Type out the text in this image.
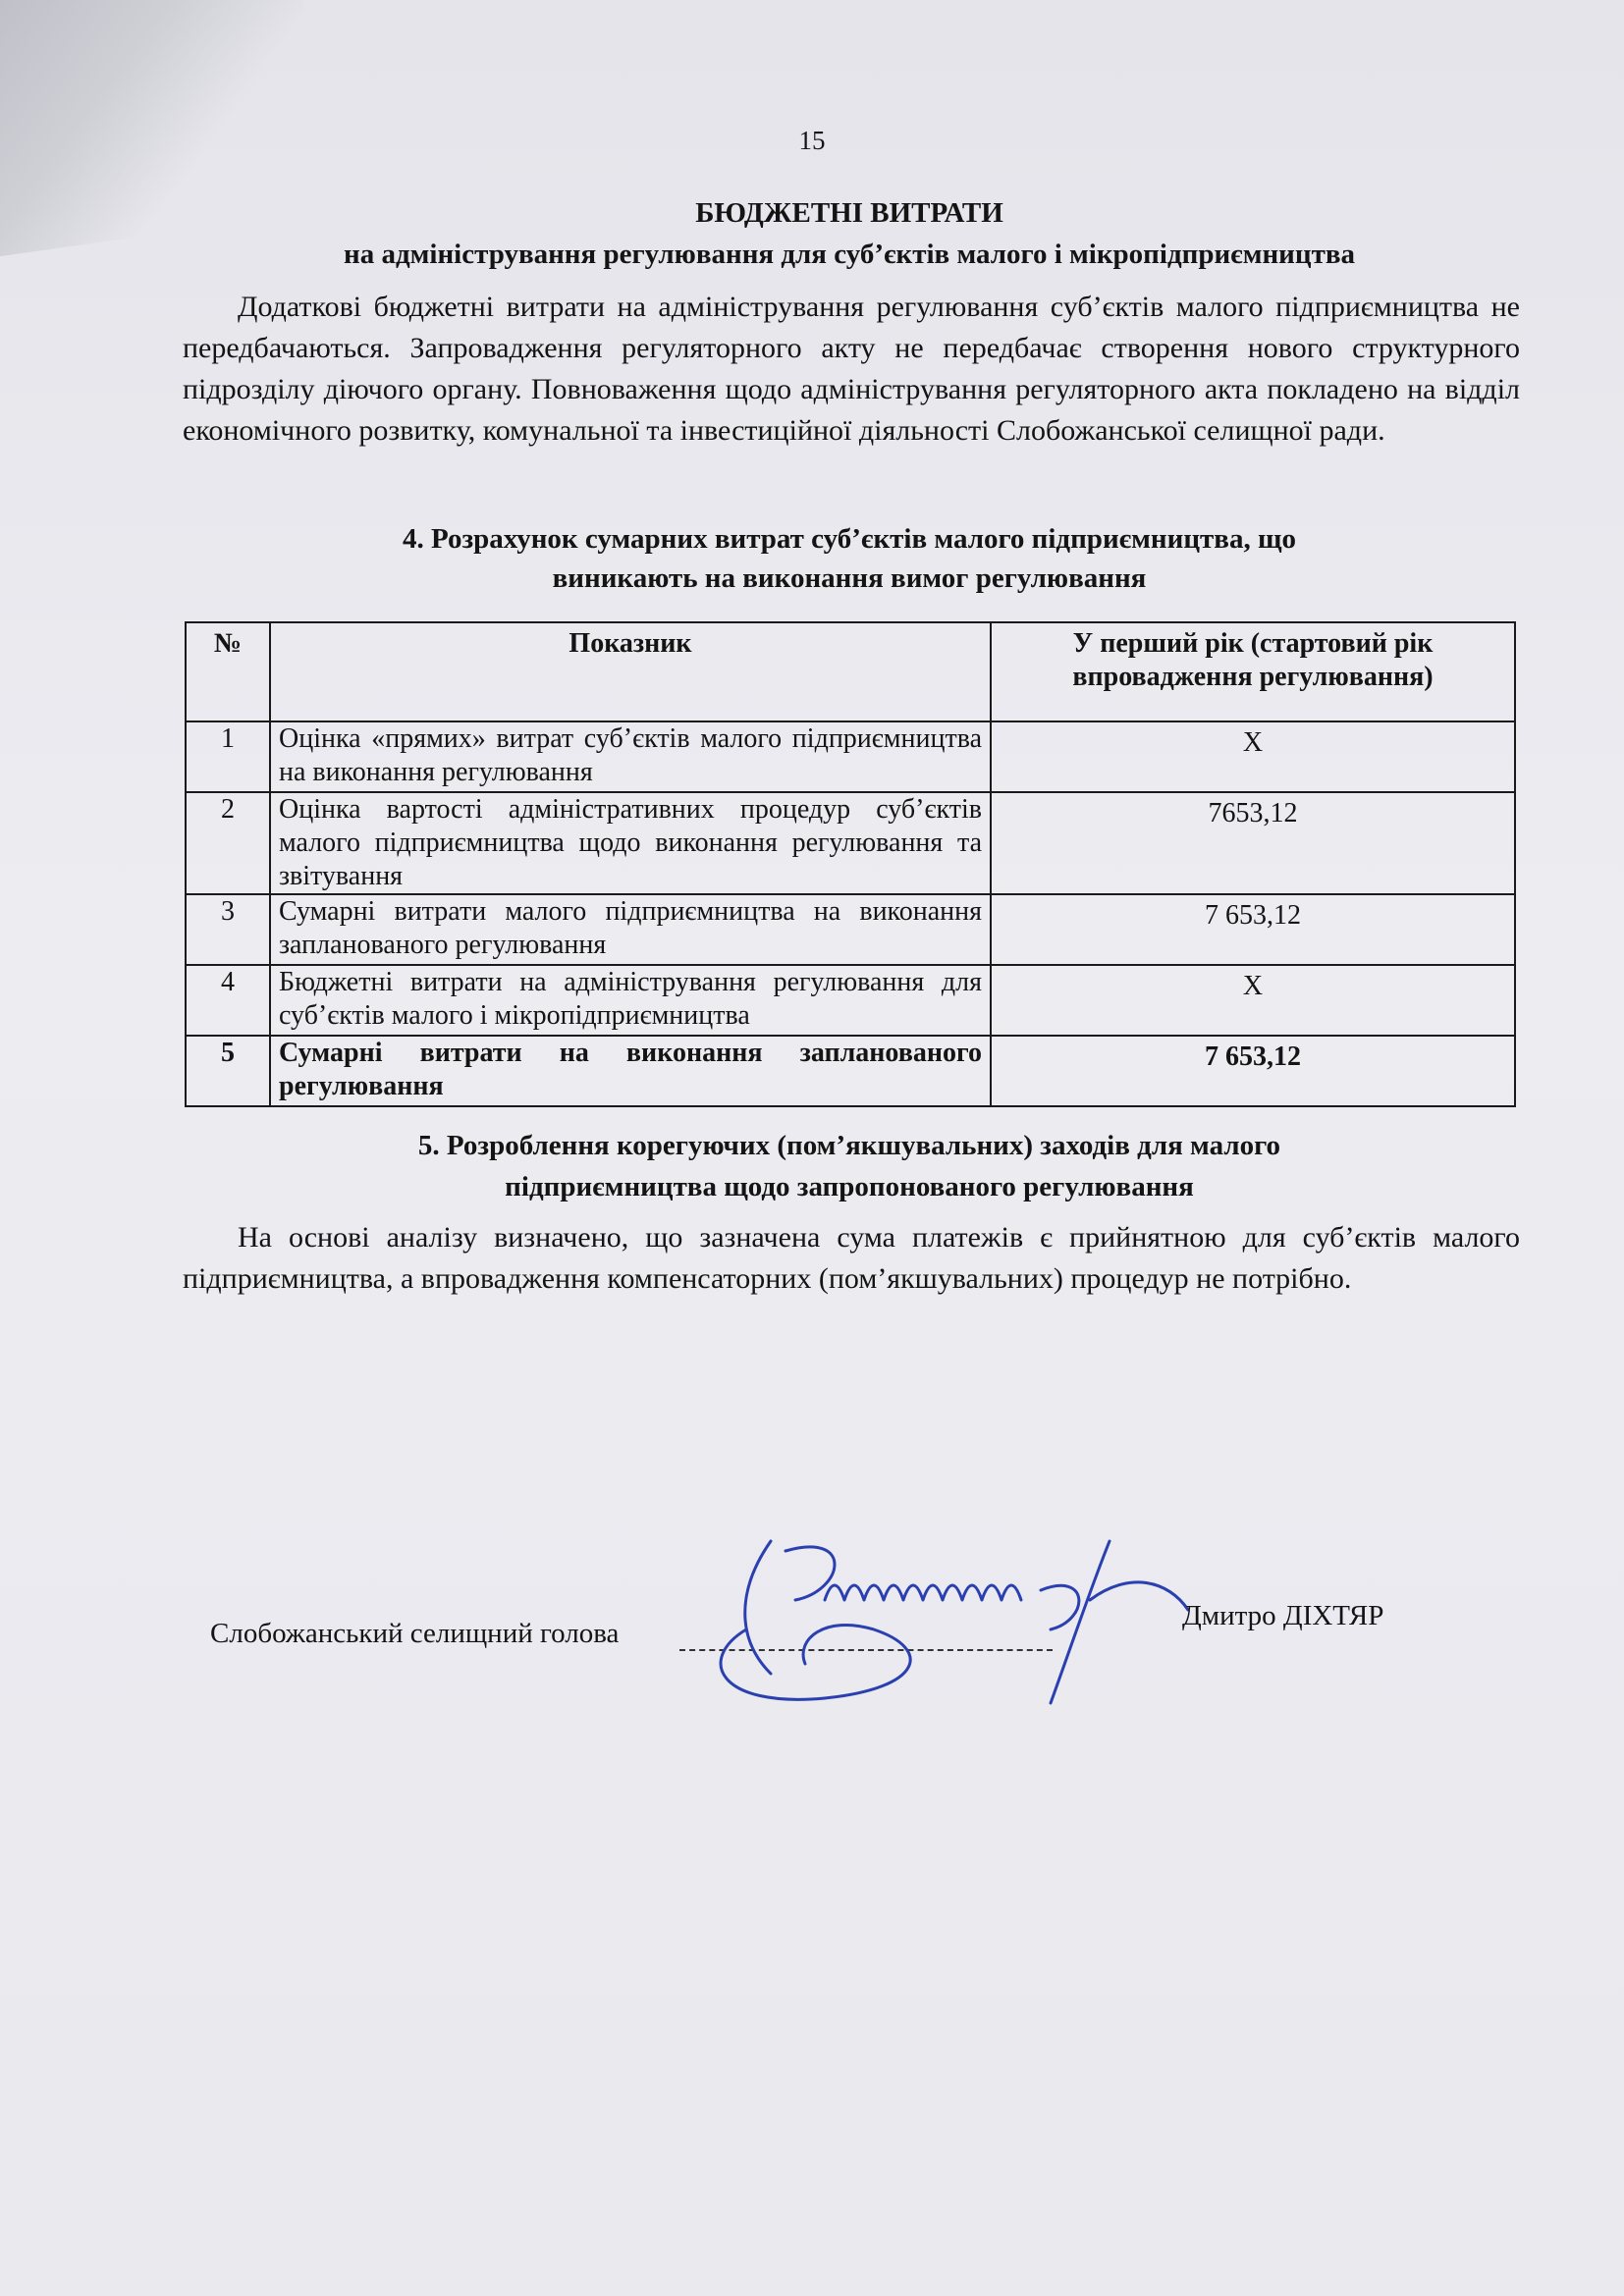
15
БЮДЖЕТНІ ВИТРАТИ
на адміністрування регулювання для суб’єктів малого і мікропідприємництва
Додаткові бюджетні витрати на адміністрування регулювання суб’єктів малого підприємництва не передбачаються. Запровадження регуляторного акту не передбачає створення нового структурного підрозділу діючого органу. Повноваження щодо адміністрування регуляторного акта покладено на відділ економічного розвитку, комунальної та інвестиційної діяльності Слобожанської селищної ради.
4. Розрахунок сумарних витрат суб’єктів малого підприємництва, що
виникають на виконання вимог регулювання
№	Показник	У перший рік (стартовий рік впровадження регулювання)
1	Оцінка «прямих» витрат суб’єктів малого підприємництва на виконання регулювання	Х
2	Оцінка вартості адміністративних процедур суб’єктів малого підприємництва щодо виконання регулювання та звітування	7653,12
3	Сумарні витрати малого підприємництва на виконання запланованого регулювання	7 653,12
4	Бюджетні витрати на адміністрування регулювання для суб’єктів малого і мікропідприємництва	Х
5	Сумарні витрати на виконання запланованого регулювання	7 653,12
5. Розроблення корегуючих (пом’якшувальних) заходів для малого
підприємництва щодо запропонованого регулювання
На основі аналізу визначено, що зазначена сума платежів є прийнятною для суб’єктів малого підприємництва, а впровадження компенсаторних (пом’якшувальних) процедур не потрібно.
Слобожанський селищний голова
Дмитро ДІХТЯР
